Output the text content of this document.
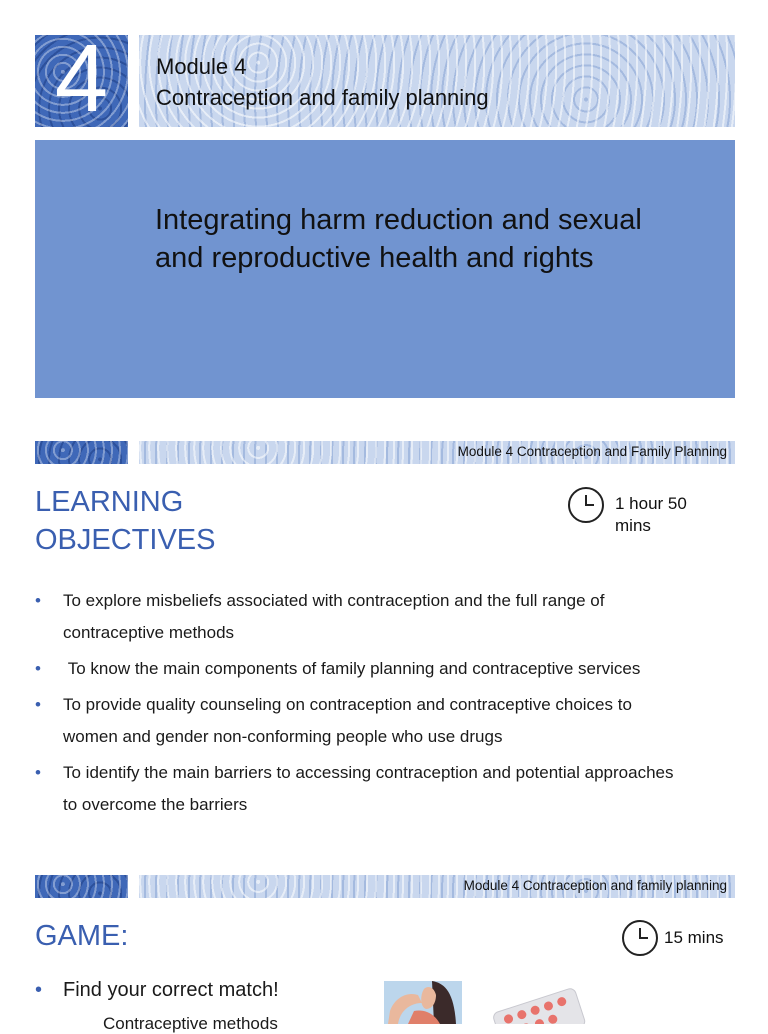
4 Module 4
Contraception and family planning
Integrating harm reduction and sexual and reproductive health and rights
Module 4 Contraception and Family Planning
LEARNING
OBJECTIVES
1 hour 50
mins
• To explore misbeliefs associated with contraception and the full range of contraceptive methods
• To know the main components of family planning and contraceptive services
• To provide quality counseling on contraception and contraceptive choices to women and gender non-conforming people who use drugs
• To identify the main barriers to accessing contraception and potential approaches to overcome the barriers
Module 4 Contraception and family planning
GAME:	15 mins
• Find your correct match!
Contraceptive methods
